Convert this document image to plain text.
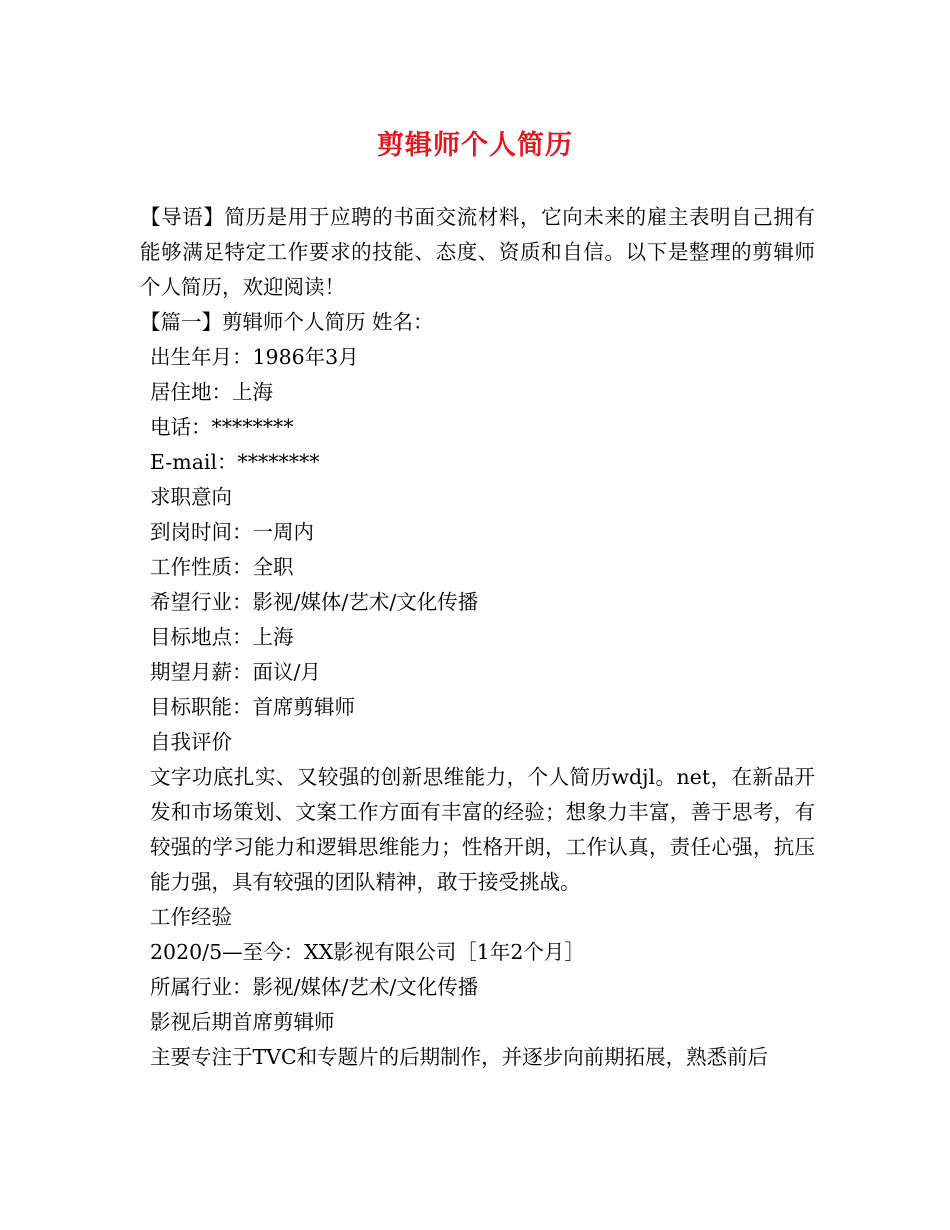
剪辑师个人简历

【导语】简历是用于应聘的书面交流材料，它向未来的雇主表明自己拥有能够满足特定工作要求的技能、态度、资质和自信。以下是整理的剪辑师个人简历，欢迎阅读！

【篇一】剪辑师个人简历 姓名：

出生年月：1986年3月

居住地：上海

电话：********

E-mail：********

求职意向

到岗时间：一周内

工作性质：全职

希望行业：影视/媒体/艺术/文化传播

目标地点：上海

期望月薪：面议/月

目标职能：首席剪辑师

自我评价

文字功底扎实、又较强的创新思维能力，个人简历wdjl。net，在新品开发和市场策划、文案工作方面有丰富的经验；想象力丰富，善于思考，有较强的学习能力和逻辑思维能力；性格开朗，工作认真，责任心强，抗压能力强，具有较强的团队精神，敢于接受挑战。

工作经验

2020/5—至今：XX影视有限公司［1年2个月］

所属行业：影视/媒体/艺术/文化传播

影视后期首席剪辑师

主要专注于TVC和专题片的后期制作，并逐步向前期拓展，熟悉前后
